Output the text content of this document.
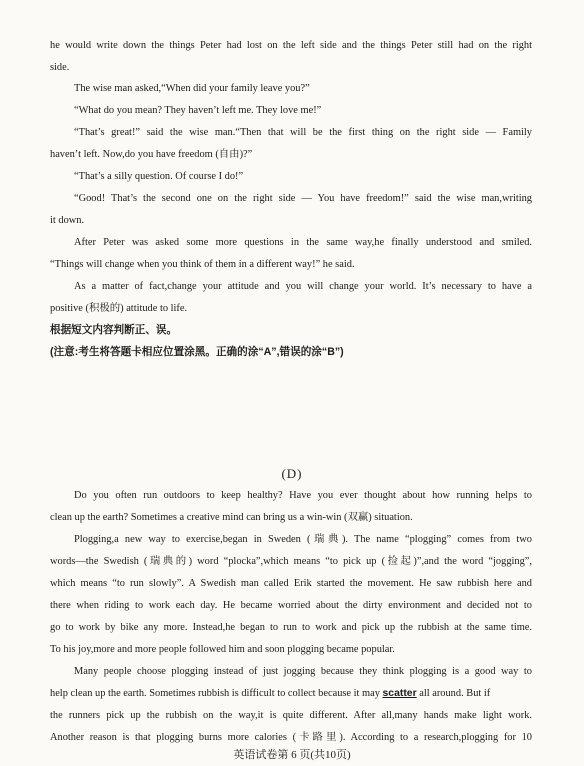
he would write down the things Peter had lost on the left side and the things Peter still had on the right
side.
The wise man asked,“When did your family leave you?”
“What do you mean? They haven’t left me. They love me!”
“That’s great!” said the wise man.“Then that will be the first thing on the right side — Family
haven’t left. Now,do you have freedom (自由)?”
“That’s a silly question. Of course I do!”
“Good! That’s the second one on the right side — You have freedom!” said the wise man,writing
it down.
After Peter was asked some more questions in the same way,he finally understood and smiled.
“Things will change when you think of them in a different way!” he said.
As a matter of fact,change your attitude and you will change your world. It’s necessary to have a
positive (积极的) attitude to life.
根据短文内容判断正、误。
(注意:考生将答题卡相应位置涂黑。正确的涂“A”,错误的涂“B”)
(D)
Do you often run outdoors to keep healthy? Have you ever thought about how running helps to
clean up the earth? Sometimes a creative mind can bring us a win-win (双赢) situation.
Plogging,a new way to exercise,began in Sweden (瑞典). The name “plogging” comes from two
words—the Swedish (瑞典的) word “plocka”,which means “to pick up (捡起)”,and the word “jogging”,
which means “to run slowly”. A Swedish man called Erik started the movement. He saw rubbish here and
there when riding to work each day. He became worried about the dirty environment and decided not to
go to work by bike any more. Instead,he began to run to work and pick up the rubbish at the same time.
To his joy,more and more people followed him and soon plogging became popular.
Many people choose plogging instead of just jogging because they think plogging is a good way to
help clean up the earth. Sometimes rubbish is difficult to collect because it may scatter all around. But if
the runners pick up the rubbish on the way,it is quite different. After all,many hands make light work.
Another reason is that plogging burns more calories (卡路里). According to a research,plogging for 10
英语试卷第 6 页(共10页)
